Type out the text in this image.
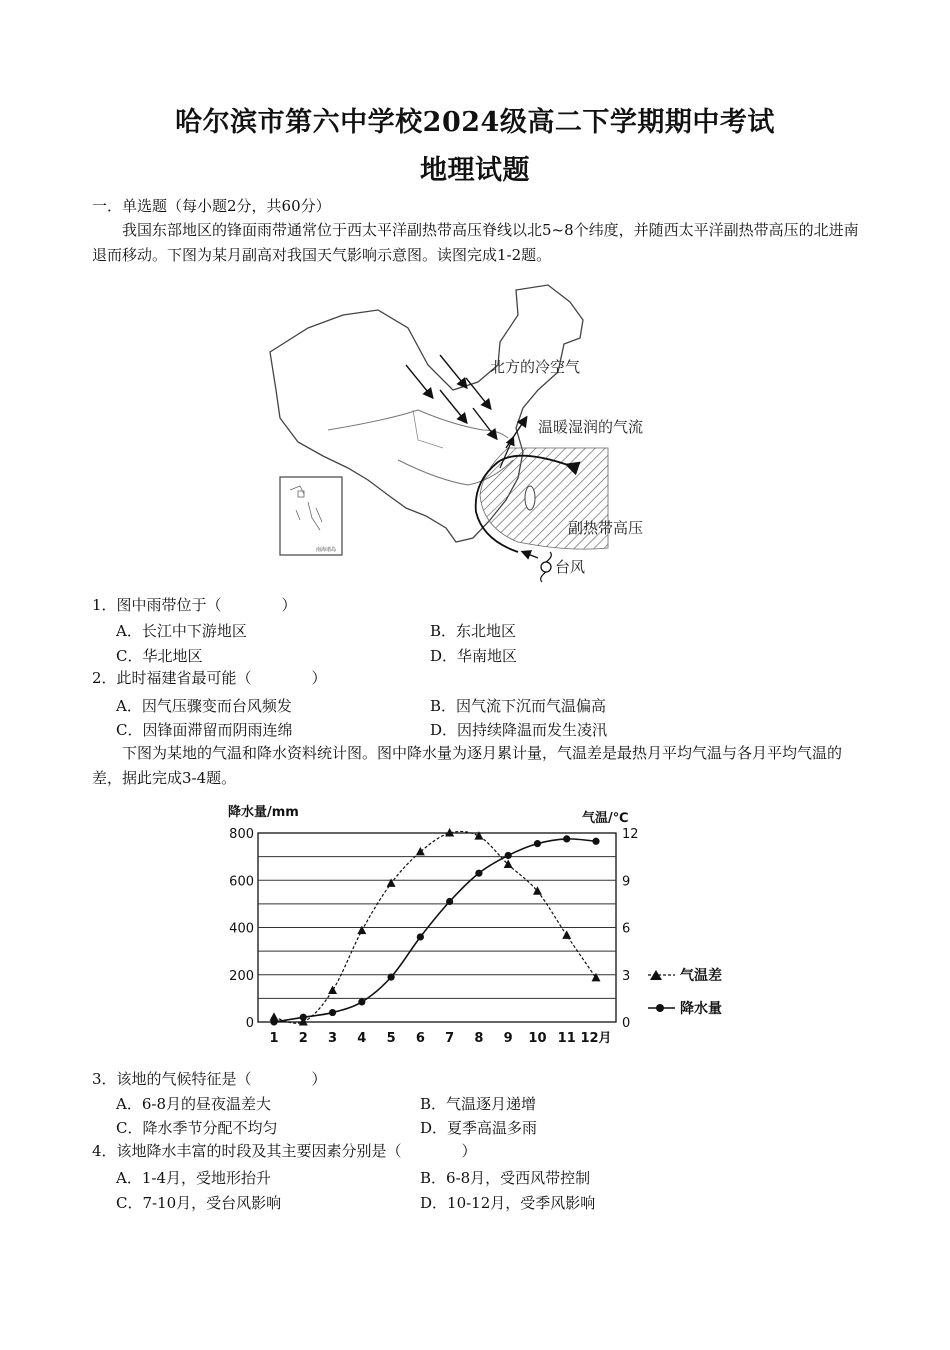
哈尔滨市第六中学校2024级高二下学期期中考试
地理试题
一．单选题（每小题2分，共60分）
我国东部地区的锋面雨带通常位于西太平洋副热带高压脊线以北5~8个纬度，并随西太平洋副热带高压的北进南退而移动。下图为某月副高对我国天气影响示意图。读图完成1-2题。
南海诸岛
北方的冷空气
温暖湿润的气流
副热带高压
台风
1．图中雨带位于（　　　　）
A．长江中下游地区	B．东北地区
C．华北地区	D．华南地区
2．此时福建省最可能（　　　　）
A．因气压骤变而台风频发	B．因气流下沉而气温偏高
C．因锋面滞留而阴雨连绵	D．因持续降温而发生凌汛
下图为某地的气温和降水资料统计图。图中降水量为逐月累计量，气温差是最热月平均气温与各月平均气温的差，据此完成3-4题。
0
200
400
600
800
0
3
6
9
12
1 2 3 4 5 6 7 8 9 10 11 12月
降水量/mm	气温/℃
气温差
降水量
3．该地的气候特征是（　　　　）
A．6-8月的昼夜温差大	B．气温逐月递增
C．降水季节分配不均匀	D．夏季高温多雨
4．该地降水丰富的时段及其主要因素分别是（　　　　）
A．1-4月，受地形抬升	B．6-8月，受西风带控制
C．7-10月，受台风影响	D．10-12月，受季风影响
